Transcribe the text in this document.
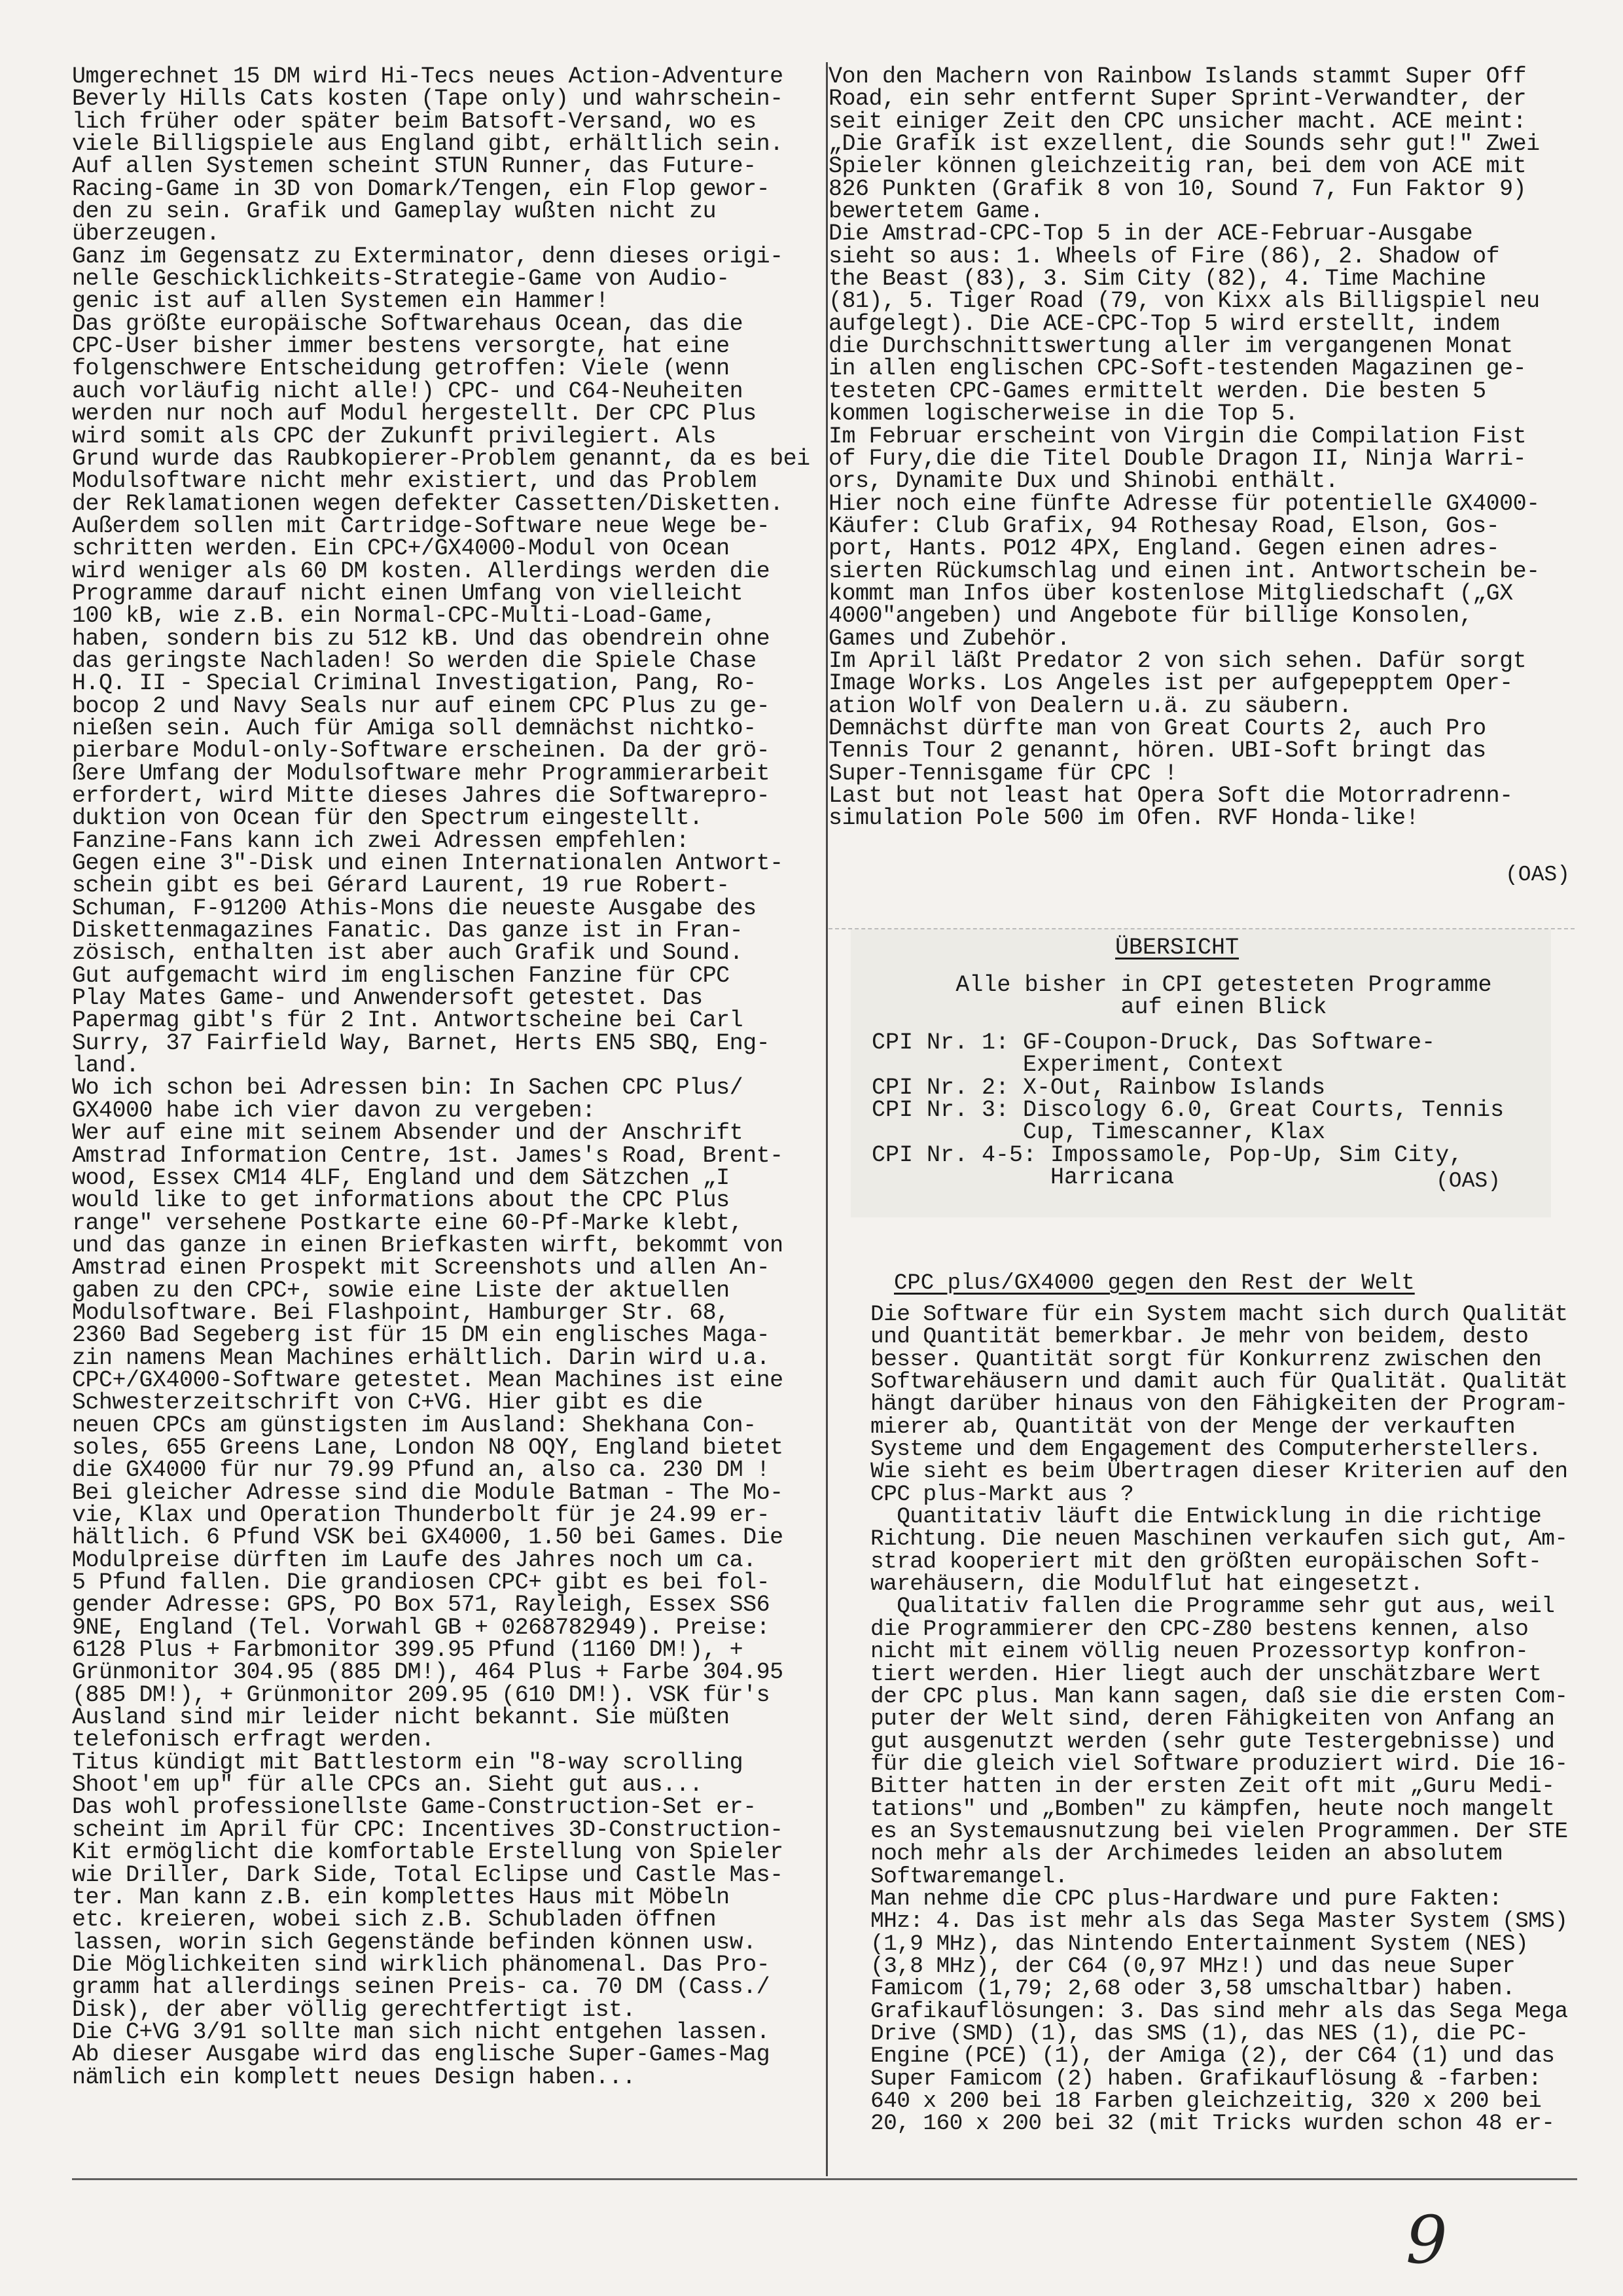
Umgerechnet 15 DM wird Hi-Tecs neues Action-Adventure
Beverly Hills Cats kosten (Tape only) und wahrschein-
lich früher oder später beim Batsoft-Versand, wo es
viele Billigspiele aus England gibt, erhältlich sein.
Auf allen Systemen scheint STUN Runner, das Future-
Racing-Game in 3D von Domark/Tengen, ein Flop gewor-
den zu sein. Grafik und Gameplay wußten nicht zu
überzeugen.
Ganz im Gegensatz zu Exterminator, denn dieses origi-
nelle Geschicklichkeits-Strategie-Game von Audio-
genic ist auf allen Systemen ein Hammer!
Das größte europäische Softwarehaus Ocean, das die
CPC-User bisher immer bestens versorgte, hat eine
folgenschwere Entscheidung getroffen: Viele (wenn
auch vorläufig nicht alle!) CPC- und C64-Neuheiten
werden nur noch auf Modul hergestellt. Der CPC Plus
wird somit als CPC der Zukunft privilegiert. Als
Grund wurde das Raubkopierer-Problem genannt, da es bei
Modulsoftware nicht mehr existiert, und das Problem
der Reklamationen wegen defekter Cassetten/Disketten.
Außerdem sollen mit Cartridge-Software neue Wege be-
schritten werden. Ein CPC+/GX4000-Modul von Ocean
wird weniger als 60 DM kosten. Allerdings werden die
Programme darauf nicht einen Umfang von vielleicht
100 kB, wie z.B. ein Normal-CPC-Multi-Load-Game,
haben, sondern bis zu 512 kB. Und das obendrein ohne
das geringste Nachladen! So werden die Spiele Chase
H.Q. II - Special Criminal Investigation, Pang, Ro-
bocop 2 und Navy Seals nur auf einem CPC Plus zu ge-
nießen sein. Auch für Amiga soll demnächst nichtko-
pierbare Modul-only-Software erscheinen. Da der grö-
ßere Umfang der Modulsoftware mehr Programmierarbeit
erfordert, wird Mitte dieses Jahres die Softwarepro-
duktion von Ocean für den Spectrum eingestellt.
Fanzine-Fans kann ich zwei Adressen empfehlen:
Gegen eine 3"-Disk und einen Internationalen Antwort-
schein gibt es bei Gérard Laurent, 19 rue Robert-
Schuman, F-91200 Athis-Mons die neueste Ausgabe des
Diskettenmagazines Fanatic. Das ganze ist in Fran-
zösisch, enthalten ist aber auch Grafik und Sound.
Gut aufgemacht wird im englischen Fanzine für CPC
Play Mates Game- und Anwendersoft getestet. Das
Papermag gibt's für 2 Int. Antwortscheine bei Carl
Surry, 37 Fairfield Way, Barnet, Herts EN5 SBQ, Eng-
land.
Wo ich schon bei Adressen bin: In Sachen CPC Plus/
GX4000 habe ich vier davon zu vergeben:
Wer auf eine mit seinem Absender und der Anschrift
Amstrad Information Centre, 1st. James's Road, Brent-
wood, Essex CM14 4LF, England und dem Sätzchen „I
would like to get informations about the CPC Plus
range" versehene Postkarte eine 60-Pf-Marke klebt,
und das ganze in einen Briefkasten wirft, bekommt von
Amstrad einen Prospekt mit Screenshots und allen An-
gaben zu den CPC+, sowie eine Liste der aktuellen
Modulsoftware. Bei Flashpoint, Hamburger Str. 68,
2360 Bad Segeberg ist für 15 DM ein englisches Maga-
zin namens Mean Machines erhältlich. Darin wird u.a.
CPC+/GX4000-Software getestet. Mean Machines ist eine
Schwesterzeitschrift von C+VG. Hier gibt es die
neuen CPCs am günstigsten im Ausland: Shekhana Con-
soles, 655 Greens Lane, London N8 OQY, England bietet
die GX4000 für nur 79.99 Pfund an, also ca. 230 DM !
Bei gleicher Adresse sind die Module Batman - The Mo-
vie, Klax und Operation Thunderbolt für je 24.99 er-
hältlich. 6 Pfund VSK bei GX4000, 1.50 bei Games. Die
Modulpreise dürften im Laufe des Jahres noch um ca.
5 Pfund fallen. Die grandiosen CPC+ gibt es bei fol-
gender Adresse: GPS, PO Box 571, Rayleigh, Essex SS6
9NE, England (Tel. Vorwahl GB + 0268782949). Preise:
6128 Plus + Farbmonitor 399.95 Pfund (1160 DM!), +
Grünmonitor 304.95 (885 DM!), 464 Plus + Farbe 304.95
(885 DM!), + Grünmonitor 209.95 (610 DM!). VSK für's
Ausland sind mir leider nicht bekannt. Sie müßten
telefonisch erfragt werden.
Titus kündigt mit Battlestorm ein "8-way scrolling
Shoot'em up" für alle CPCs an. Sieht gut aus...
Das wohl professionellste Game-Construction-Set er-
scheint im April für CPC: Incentives 3D-Construction-
Kit ermöglicht die komfortable Erstellung von Spieler
wie Driller, Dark Side, Total Eclipse und Castle Mas-
ter. Man kann z.B. ein komplettes Haus mit Möbeln
etc. kreieren, wobei sich z.B. Schubladen öffnen
lassen, worin sich Gegenstände befinden können usw.
Die Möglichkeiten sind wirklich phänomenal. Das Pro-
gramm hat allerdings seinen Preis- ca. 70 DM (Cass./
Disk), der aber völlig gerechtfertigt ist.
Die C+VG 3/91 sollte man sich nicht entgehen lassen.
Ab dieser Ausgabe wird das englische Super-Games-Mag
nämlich ein komplett neues Design haben...
Von den Machern von Rainbow Islands stammt Super Off
Road, ein sehr entfernt Super Sprint-Verwandter, der
seit einiger Zeit den CPC unsicher macht. ACE meint:
„Die Grafik ist exzellent, die Sounds sehr gut!" Zwei
Spieler können gleichzeitig ran, bei dem von ACE mit
826 Punkten (Grafik 8 von 10, Sound 7, Fun Faktor 9)
bewertetem Game.
Die Amstrad-CPC-Top 5 in der ACE-Februar-Ausgabe
sieht so aus: 1. Wheels of Fire (86), 2. Shadow of
the Beast (83), 3. Sim City (82), 4. Time Machine
(81), 5. Tiger Road (79, von Kixx als Billigspiel neu
aufgelegt). Die ACE-CPC-Top 5 wird erstellt, indem
die Durchschnittswertung aller im vergangenen Monat
in allen englischen CPC-Soft-testenden Magazinen ge-
testeten CPC-Games ermittelt werden. Die besten 5
kommen logischerweise in die Top 5.
Im Februar erscheint von Virgin die Compilation Fist
of Fury,die die Titel Double Dragon II, Ninja Warri-
ors, Dynamite Dux und Shinobi enthält.
Hier noch eine fünfte Adresse für potentielle GX4000-
Käufer: Club Grafix, 94 Rothesay Road, Elson, Gos-
port, Hants. PO12 4PX, England. Gegen einen adres-
sierten Rückumschlag und einen int. Antwortschein be-
kommt man Infos über kostenlose Mitgliedschaft („GX
4000"angeben) und Angebote für billige Konsolen,
Games und Zubehör.
Im April läßt Predator 2 von sich sehen. Dafür sorgt
Image Works. Los Angeles ist per aufgepepptem Oper-
ation Wolf von Dealern u.ä. zu säubern.
Demnächst dürfte man von Great Courts 2, auch Pro
Tennis Tour 2 genannt, hören. UBI-Soft bringt das
Super-Tennisgame für CPC !
Last but not least hat Opera Soft die Motorradrenn-
simulation Pole 500 im Ofen. RVF Honda-like!
(OAS)
ÜBERSICHT
Alle bisher in CPI getesteten Programme
auf einen Blick
CPI Nr. 1: GF-Coupon-Druck, Das Software-
Experiment, Context
CPI Nr. 2: X-Out, Rainbow Islands
CPI Nr. 3: Discology 6.0, Great Courts, Tennis
Cup, Timescanner, Klax
CPI Nr. 4-5: Impossamole, Pop-Up, Sim City,
Harricana	(OAS)
CPC plus/GX4000 gegen den Rest der Welt
Die Software für ein System macht sich durch Qualität
und Quantität bemerkbar. Je mehr von beidem, desto
besser. Quantität sorgt für Konkurrenz zwischen den
Softwarehäusern und damit auch für Qualität. Qualität
hängt darüber hinaus von den Fähigkeiten der Program-
mierer ab, Quantität von der Menge der verkauften
Systeme und dem Engagement des Computerherstellers.
Wie sieht es beim Übertragen dieser Kriterien auf den
CPC plus-Markt aus ?
Quantitativ läuft die Entwicklung in die richtige
Richtung. Die neuen Maschinen verkaufen sich gut, Am-
strad kooperiert mit den größten europäischen Soft-
warehäusern, die Modulflut hat eingesetzt.
Qualitativ fallen die Programme sehr gut aus, weil
die Programmierer den CPC-Z80 bestens kennen, also
nicht mit einem völlig neuen Prozessortyp konfron-
tiert werden. Hier liegt auch der unschätzbare Wert
der CPC plus. Man kann sagen, daß sie die ersten Com-
puter der Welt sind, deren Fähigkeiten von Anfang an
gut ausgenutzt werden (sehr gute Testergebnisse) und
für die gleich viel Software produziert wird. Die 16-
Bitter hatten in der ersten Zeit oft mit „Guru Medi-
tations" und „Bomben" zu kämpfen, heute noch mangelt
es an Systemausnutzung bei vielen Programmen. Der STE
noch mehr als der Archimedes leiden an absolutem
Softwaremangel.
Man nehme die CPC plus-Hardware und pure Fakten:
MHz: 4. Das ist mehr als das Sega Master System (SMS)
(1,9 MHz), das Nintendo Entertainment System (NES)
(3,8 MHz), der C64 (0,97 MHz!) und das neue Super
Famicom (1,79; 2,68 oder 3,58 umschaltbar) haben.
Grafikauflösungen: 3. Das sind mehr als das Sega Mega
Drive (SMD) (1), das SMS (1), das NES (1), die PC-
Engine (PCE) (1), der Amiga (2), der C64 (1) und das
Super Famicom (2) haben. Grafikauflösung & -farben:
640 x 200 bei 18 Farben gleichzeitig, 320 x 200 bei
20, 160 x 200 bei 32 (mit Tricks wurden schon 48 er-
9
